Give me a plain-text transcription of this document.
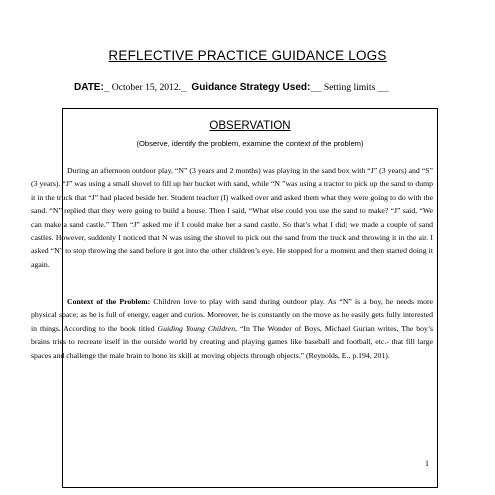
REFLECTIVE PRACTICE GUIDANCE LOGS
DATE:_ October 15, 2012._ Guidance Strategy Used:__ Setting limits __
OBSERVATION
(Observe, identify the problem, examine the context of the problem)
During an afternoon outdoor play, “N” (3 years and 2 months) was playing in the sand box with “J” (3 years) and “S” (3 years). “J” was using a small shovel to fill up her bucket with sand, while “N ”was using a tractor to pick up the sand to dump it in the truck that “J” had placed beside her. Student teacher (I) walked over and asked them what they were going to do with the sand. “N” replied that they were going to build a house. Then I said, “What else could you use the sand to make? “J” said, “We can make a sand castle.” Then “J” asked me if I could make her a sand castle. So that’s what I did; we made a couple of sand castles. However, suddenly I noticed that N was using the shovel to pick out the sand from the truck and throwing it in the air. I asked “N” to stop throwing the sand before it got into the other children’s eye. He stopped for a moment and then started doing it again.
Context of the Problem: Children love to play with sand during outdoor play. As “N” is a boy, he needs more physical space; as he is full of energy, eager and curios. Moreover, he is constantly on the move as he easily gets fully interested in things. According to the book titled Guiding Young Children, “In The Wonder of Boys, Michael Gurian writes, The boy’s brains tries to recreate itself in the outside world by creating and playing games like baseball and football, etc.- that fill large spaces and challenge the male brain to hone its skill at moving objects through objects.” (Reynolds, E., p.194, 201).
1
